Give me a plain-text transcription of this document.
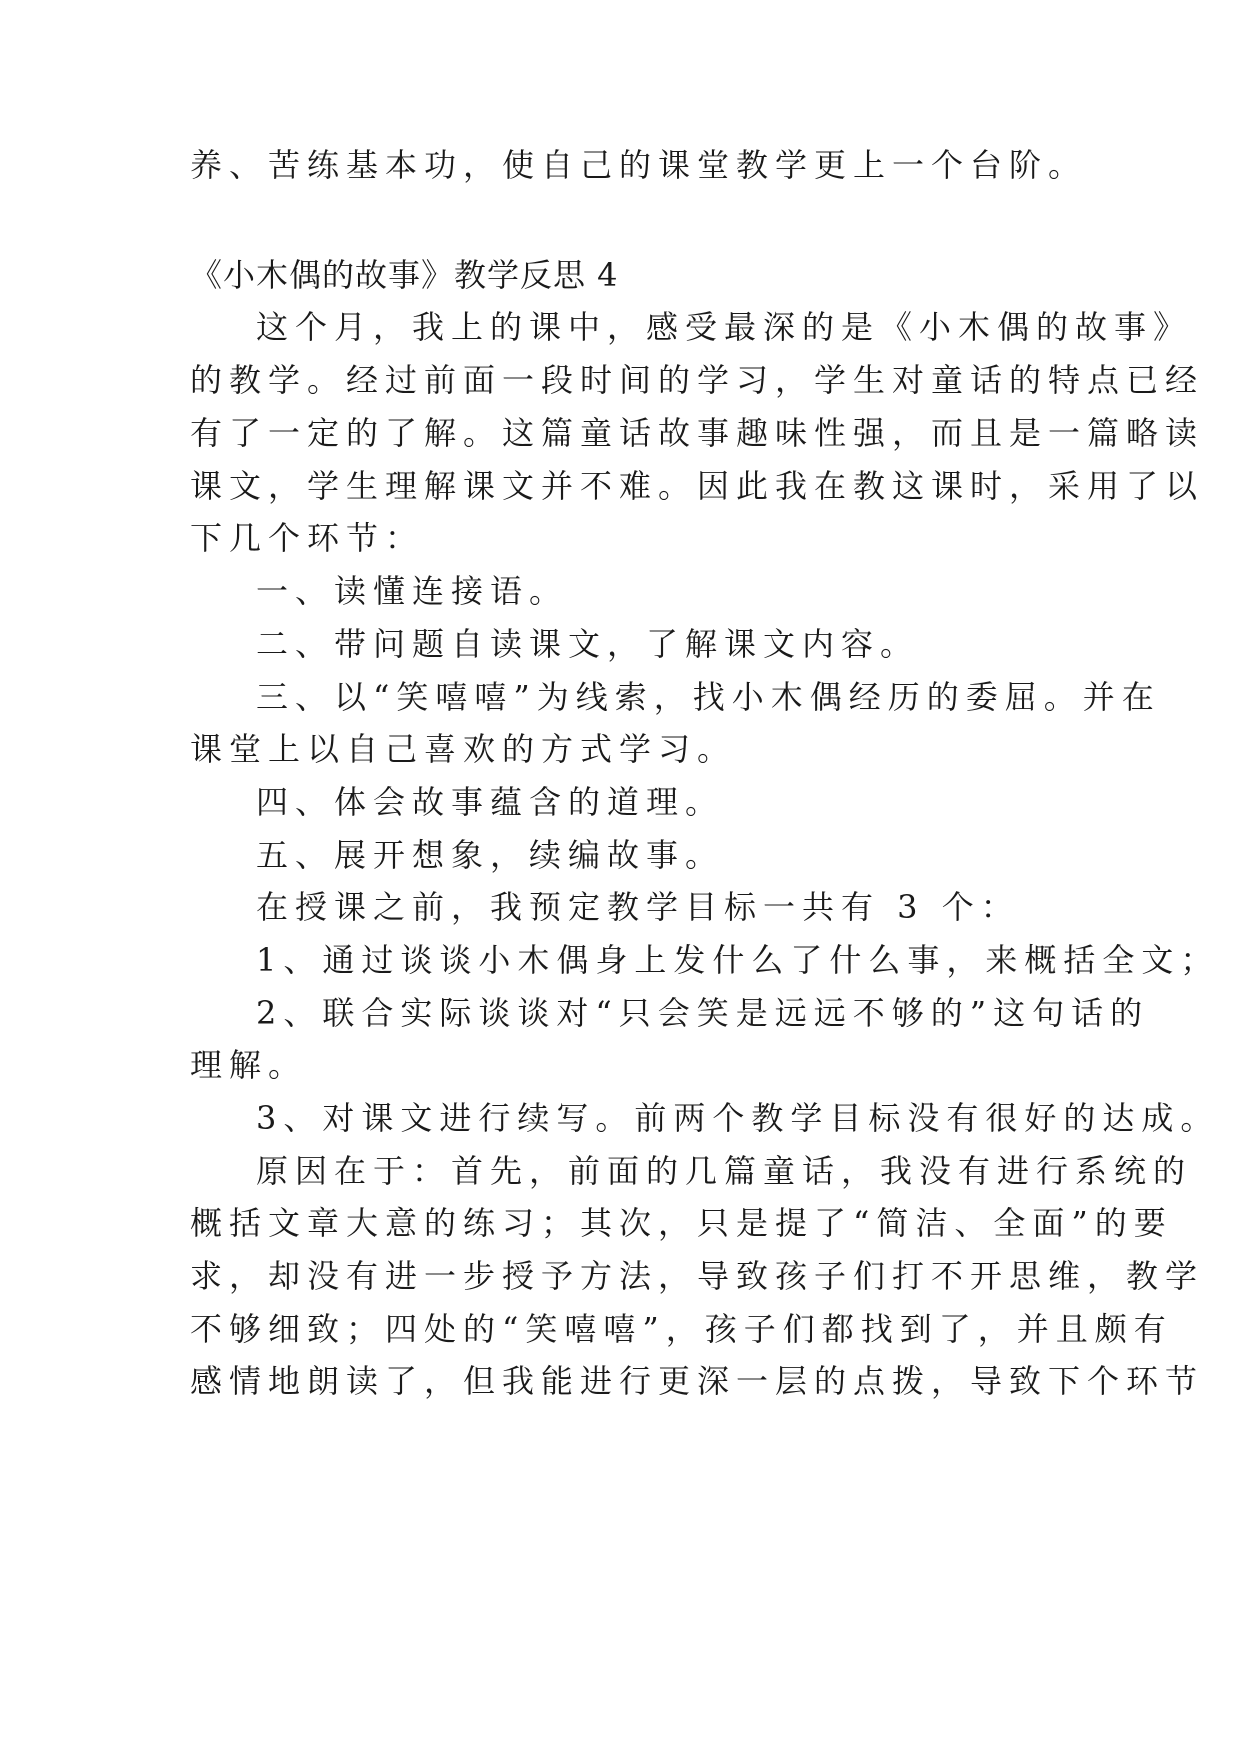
养、苦练基本功，使自己的课堂教学更上一个台阶。
《小木偶的故事》教学反思 4
这个月，我上的课中，感受最深的是《小木偶的故事》
的教学。经过前面一段时间的学习，学生对童话的特点已经
有了一定的了解。这篇童话故事趣味性强，而且是一篇略读
课文，学生理解课文并不难。因此我在教这课时，采用了以
下几个环节：
一、读懂连接语。
二、带问题自读课文，了解课文内容。
三、以“笑嘻嘻”为线索，找小木偶经历的委屈。并在
课堂上以自己喜欢的方式学习。
四、体会故事蕴含的道理。
五、展开想象，续编故事。
在授课之前，我预定教学目标一共有 3 个：
1、通过谈谈小木偶身上发什么了什么事，来概括全文；
2、联合实际谈谈对“只会笑是远远不够的”这句话的
理解。
3、对课文进行续写。前两个教学目标没有很好的达成。
原因在于：首先，前面的几篇童话，我没有进行系统的
概括文章大意的练习；其次，只是提了“简洁、全面”的要
求，却没有进一步授予方法，导致孩子们打不开思维，教学
不够细致；四处的“笑嘻嘻”，孩子们都找到了，并且颇有
感情地朗读了，但我能进行更深一层的点拨，导致下个环节
